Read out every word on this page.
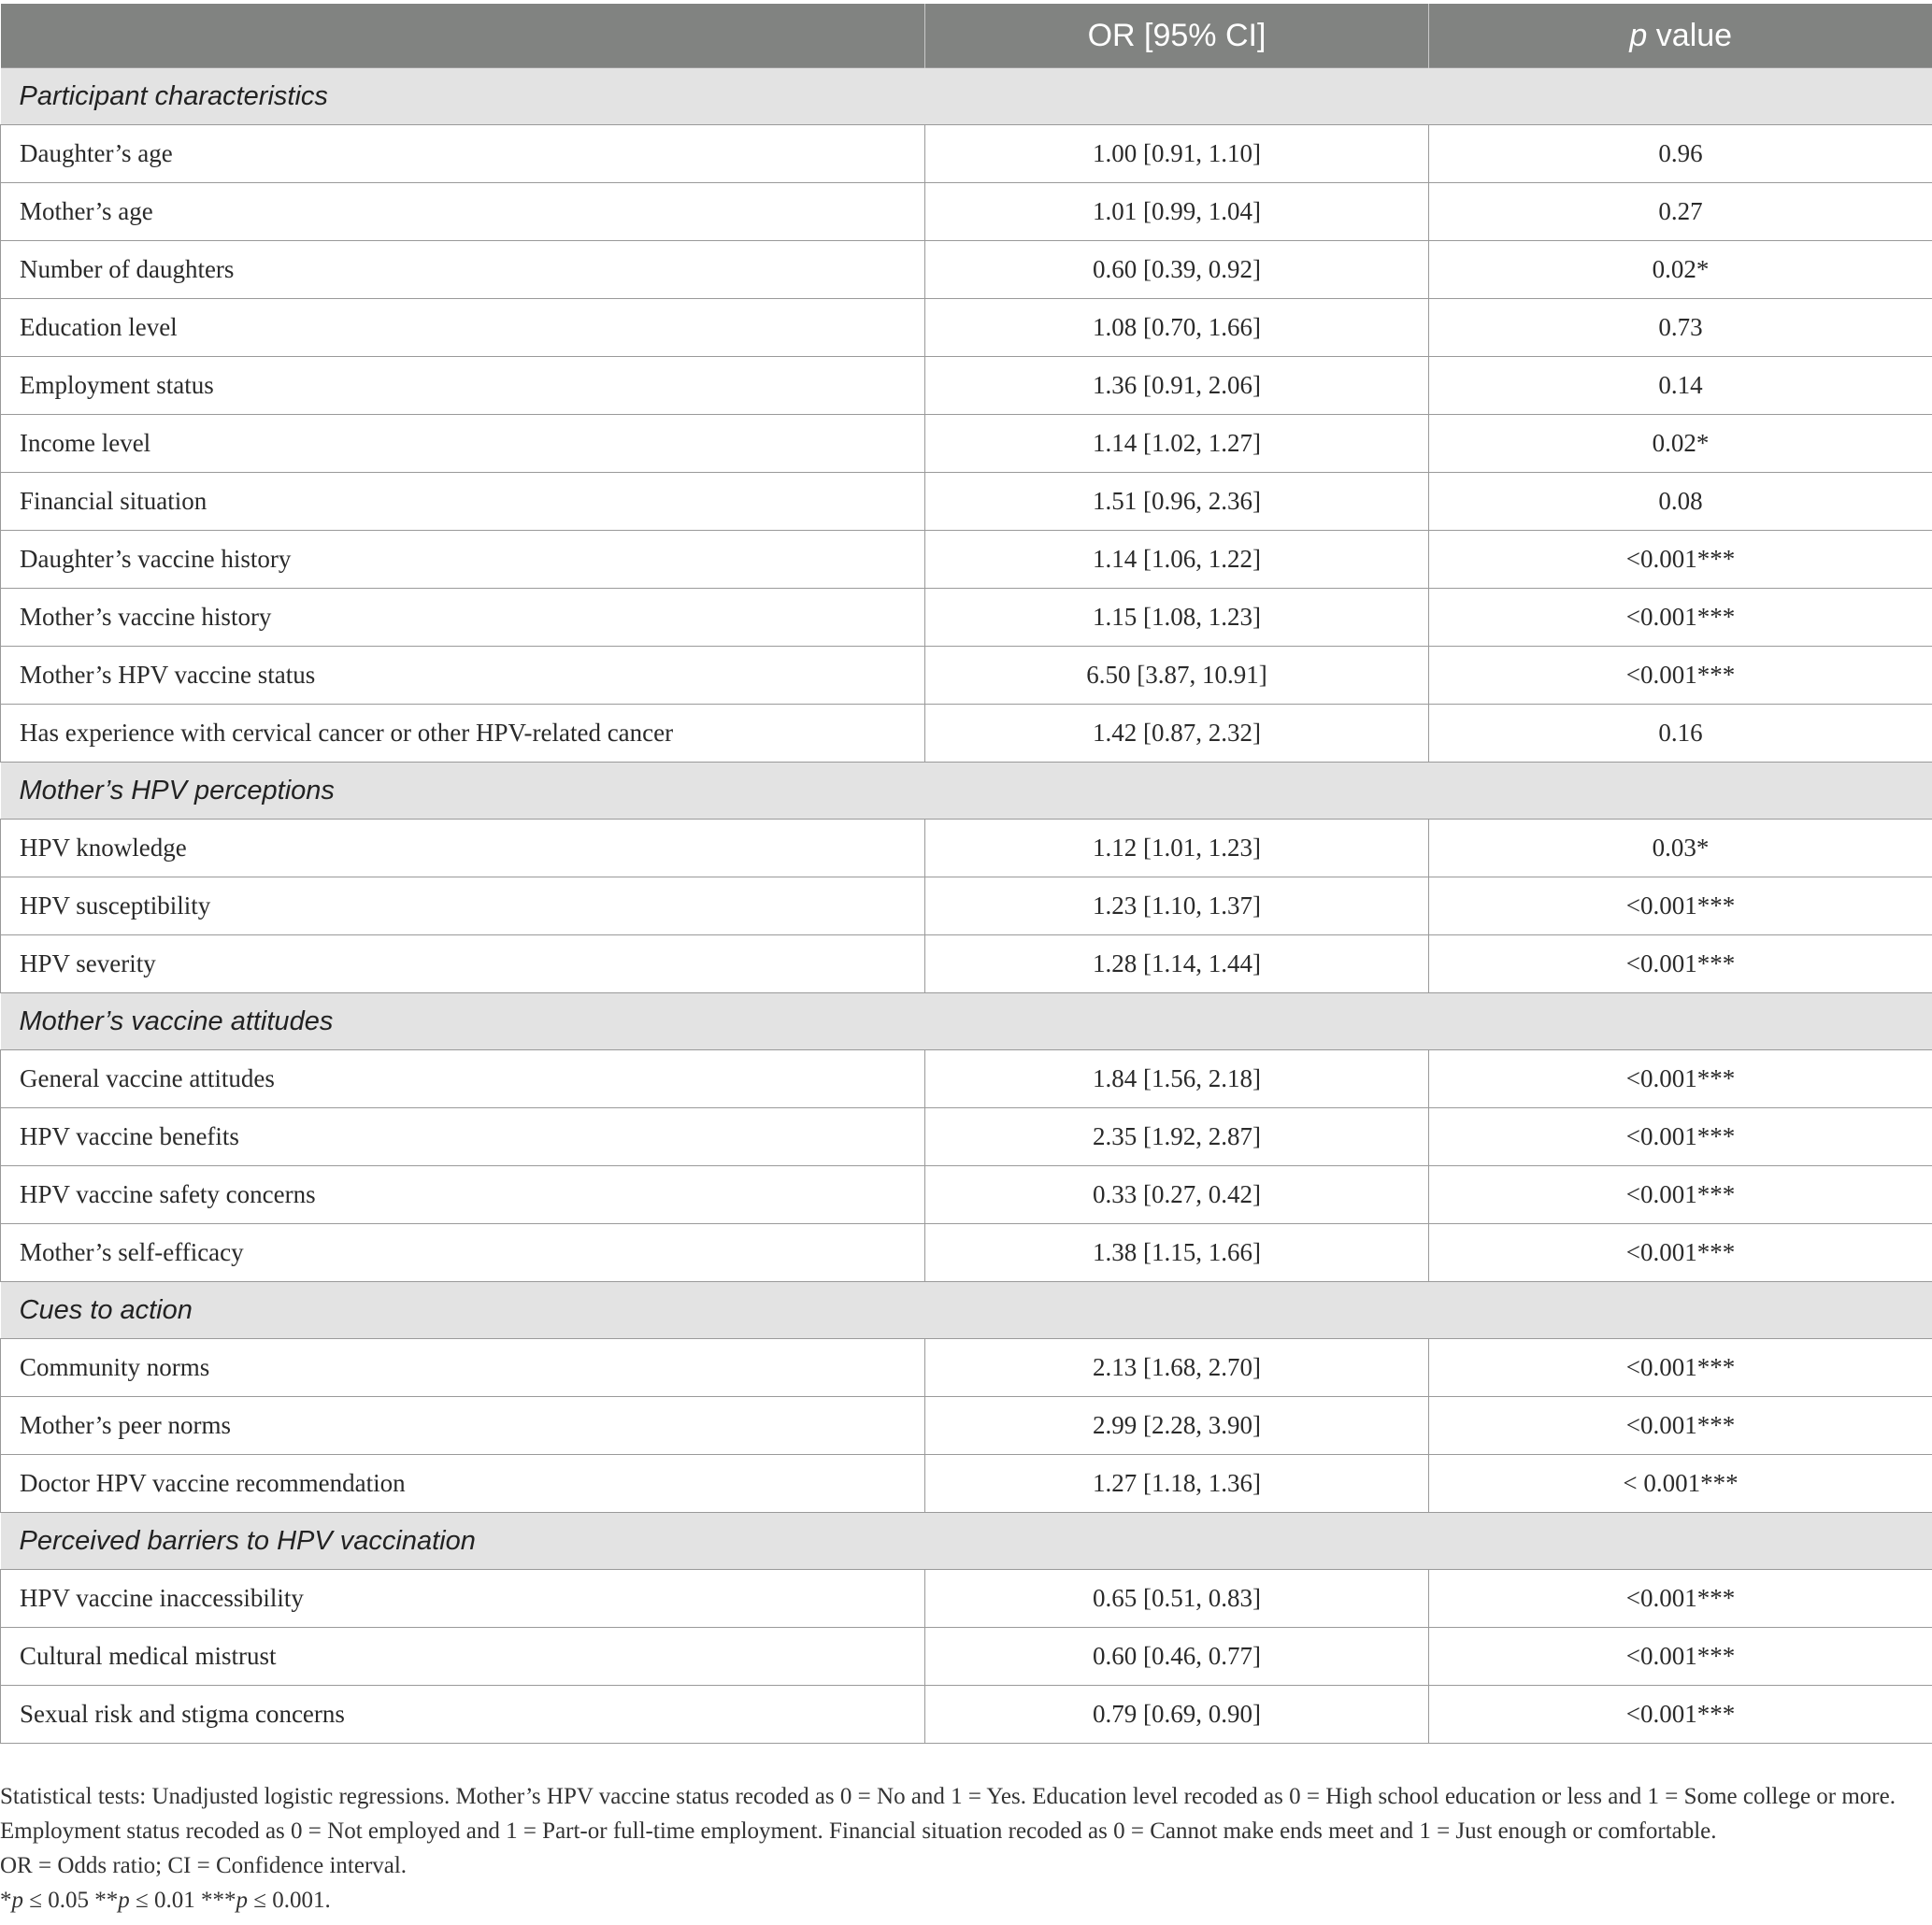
	OR [95% CI]	p value
Participant characteristics		
Daughter’s age	1.00 [0.91, 1.10]	0.96
Mother’s age	1.01 [0.99, 1.04]	0.27
Number of daughters	0.60 [0.39, 0.92]	0.02*
Education level	1.08 [0.70, 1.66]	0.73
Employment status	1.36 [0.91, 2.06]	0.14
Income level	1.14 [1.02, 1.27]	0.02*
Financial situation	1.51 [0.96, 2.36]	0.08
Daughter’s vaccine history	1.14 [1.06, 1.22]	<0.001***
Mother’s vaccine history	1.15 [1.08, 1.23]	<0.001***
Mother’s HPV vaccine status	6.50 [3.87, 10.91]	<0.001***
Has experience with cervical cancer or other HPV-related cancer	1.42 [0.87, 2.32]	0.16
Mother’s HPV perceptions		
HPV knowledge	1.12 [1.01, 1.23]	0.03*
HPV susceptibility	1.23 [1.10, 1.37]	<0.001***
HPV severity	1.28 [1.14, 1.44]	<0.001***
Mother’s vaccine attitudes		
General vaccine attitudes	1.84 [1.56, 2.18]	<0.001***
HPV vaccine benefits	2.35 [1.92, 2.87]	<0.001***
HPV vaccine safety concerns	0.33 [0.27, 0.42]	<0.001***
Mother’s self-efficacy	1.38 [1.15, 1.66]	<0.001***
Cues to action		
Community norms	2.13 [1.68, 2.70]	<0.001***
Mother’s peer norms	2.99 [2.28, 3.90]	<0.001***
Doctor HPV vaccine recommendation	1.27 [1.18, 1.36]	< 0.001***
Perceived barriers to HPV vaccination		
HPV vaccine inaccessibility	0.65 [0.51, 0.83]	<0.001***
Cultural medical mistrust	0.60 [0.46, 0.77]	<0.001***
Sexual risk and stigma concerns	0.79 [0.69, 0.90]	<0.001***

Statistical tests: Unadjusted logistic regressions. Mother’s HPV vaccine status recoded as 0 = No and 1 = Yes. Education level recoded as 0 = High school education or less and 1 = Some college or more. Employment status recoded as 0 = Not employed and 1 = Part-or full-time employment. Financial situation recoded as 0 = Cannot make ends meet and 1 = Just enough or comfortable.

OR = Odds ratio; CI = Confidence interval.

*p ≤ 0.05 **p ≤ 0.01 ***p ≤ 0.001.
